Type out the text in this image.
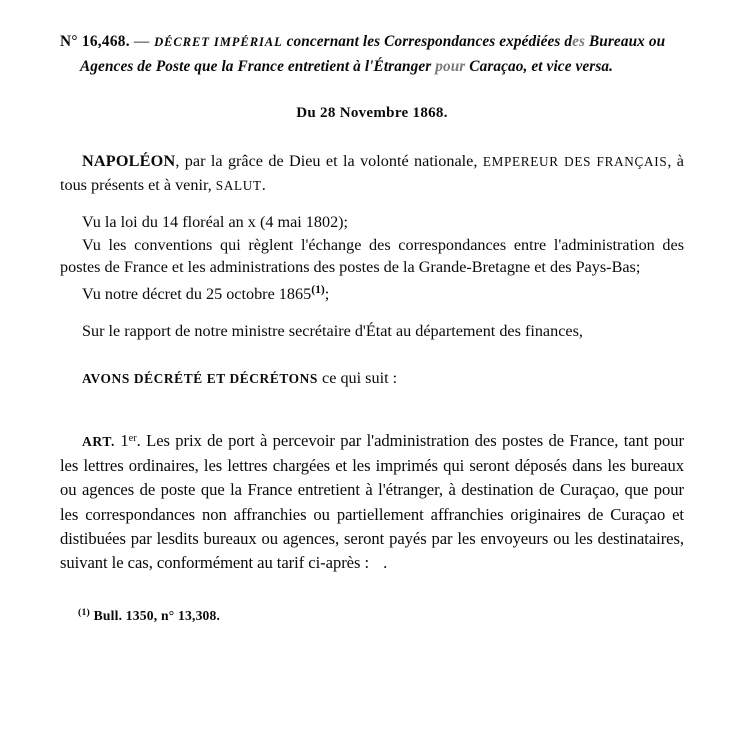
N° 16,468. — DÉCRET IMPÉRIAL concernant les Correspondances expédiées des Bureaux ou Agences de Poste que la France entretient à l'Étranger pour Caraçao, et vice versa.
Du 28 Novembre 1868.
NAPOLÉON, par la grâce de Dieu et la volonté nationale, EMPEREUR DES FRANÇAIS, à tous présents et à venir, SALUT.
Vu la loi du 14 floréal an x (4 mai 1802);
Vu les conventions qui règlent l'échange des correspondances entre l'administration des postes de France et les administrations des postes de la Grande-Bretagne et des Pays-Bas;
Vu notre décret du 25 octobre 1865$^{(1)}$;
Sur le rapport de notre ministre secrétaire d'État au département des finances,
AVONS DÉCRÉTÉ ET DÉCRÉTONS ce qui suit :
ART. 1er. Les prix de port à percevoir par l'administration des postes de France, tant pour les lettres ordinaires, les lettres chargées et les imprimés qui seront déposés dans les bureaux ou agences de poste que la France entretient à l'étranger, à destination de Curaçao, que pour les correspondances non affranchies ou partiellement affranchies originaires de Curaçao et distibuées par lesdits bureaux ou agences, seront payés par les envoyeurs ou les destinataires, suivant le cas, conformément au tarif ci-après : .
$^{(1)}$ Bull. 1350, n° 13,308.
